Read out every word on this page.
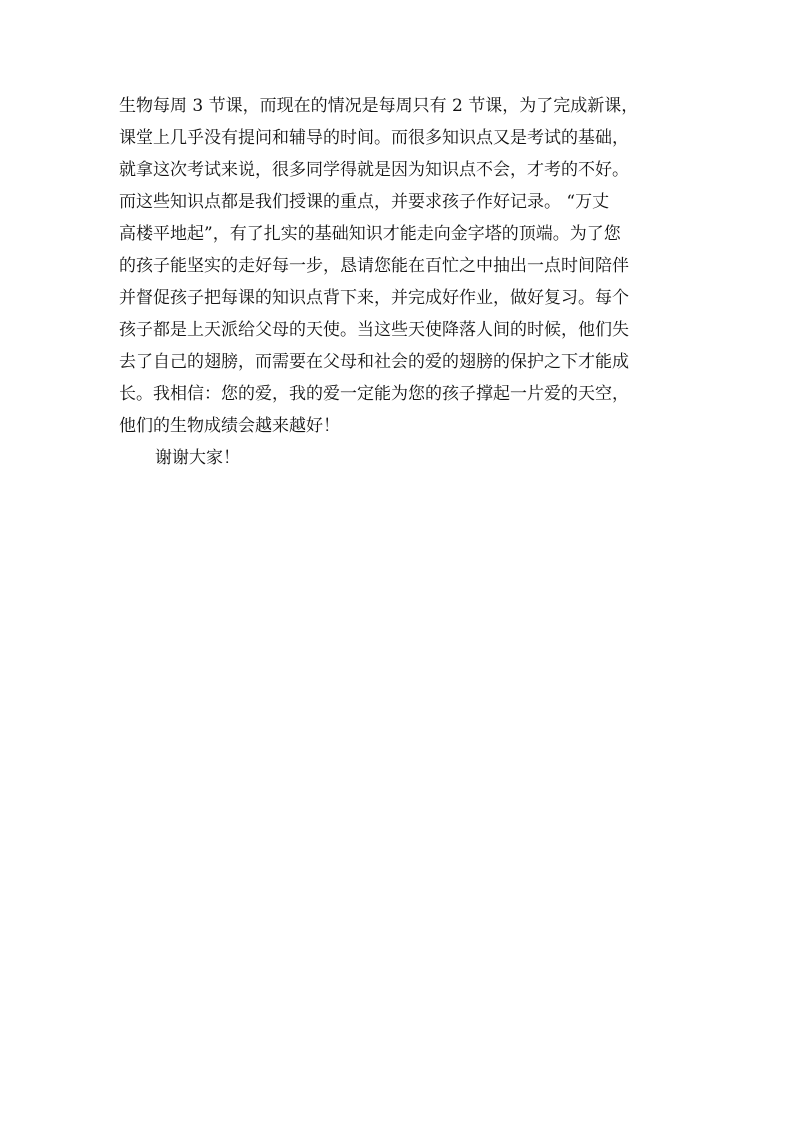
生物每周 3 节课，而现在的情况是每周只有 2 节课，为了完成新课，
课堂上几乎没有提问和辅导的时间。而很多知识点又是考试的基础，
就拿这次考试来说，很多同学得就是因为知识点不会，才考的不好。
而这些知识点都是我们授课的重点，并要求孩子作好记录。 “万丈
高楼平地起”，有了扎实的基础知识才能走向金字塔的顶端。为了您
的孩子能坚实的走好每一步，恳请您能在百忙之中抽出一点时间陪伴
并督促孩子把每课的知识点背下来，并完成好作业，做好复习。每个
孩子都是上天派给父母的天使。当这些天使降落人间的时候，他们失
去了自己的翅膀，而需要在父母和社会的爱的翅膀的保护之下才能成
长。我相信：您的爱，我的爱一定能为您的孩子撑起一片爱的天空，
他们的生物成绩会越来越好！
谢谢大家！
